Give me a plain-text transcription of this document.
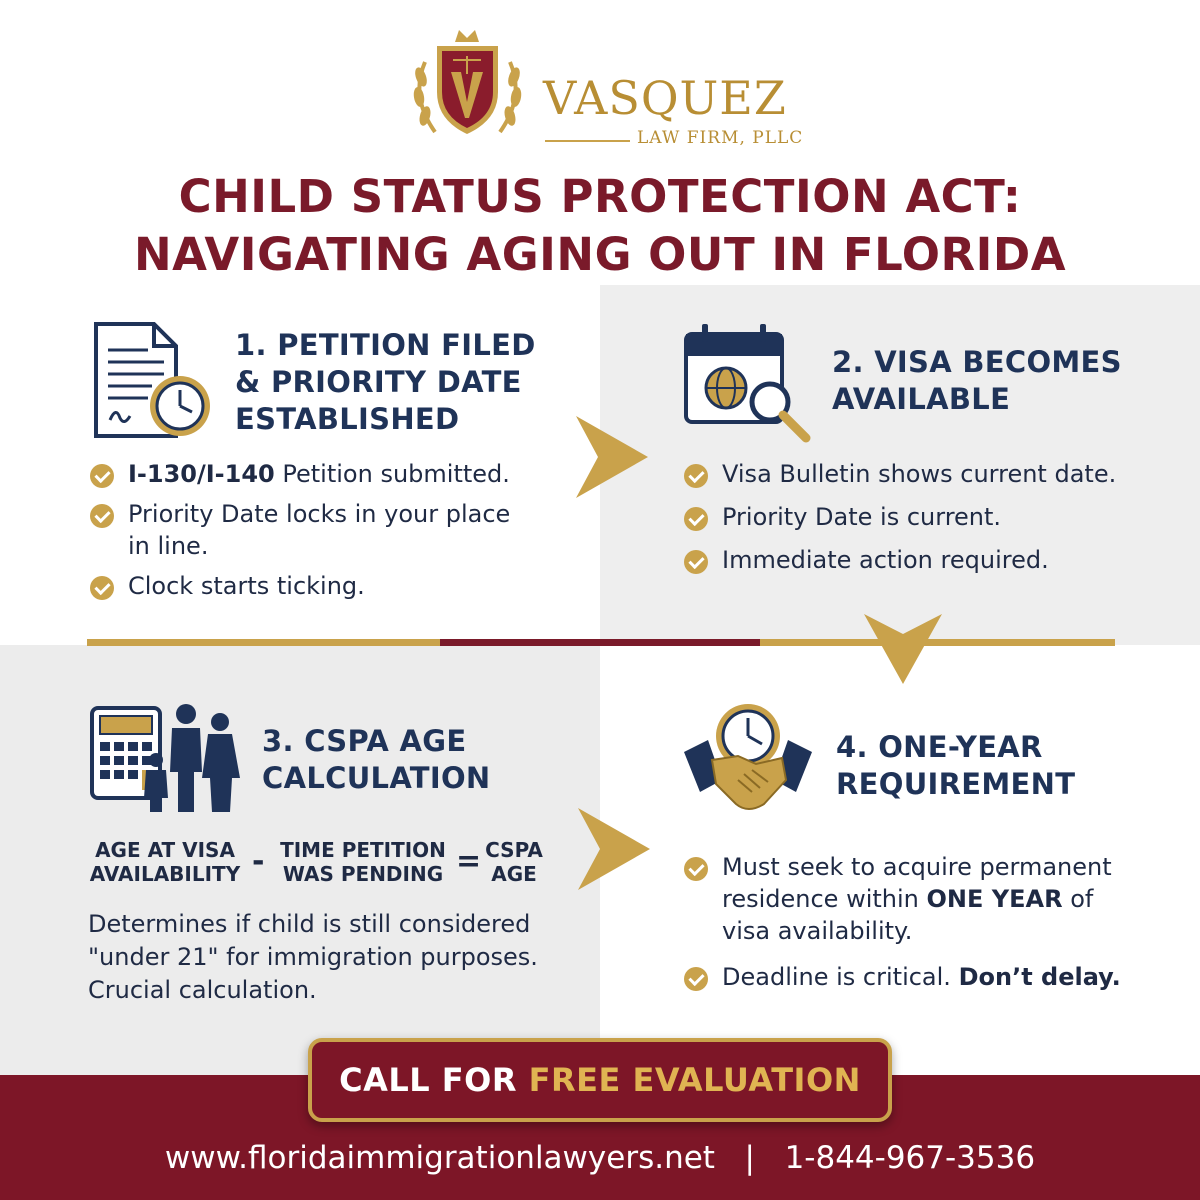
VASQUEZ
LAW FIRM, PLLC
CHILD STATUS PROTECTION ACT:
NAVIGATING AGING OUT IN FLORIDA
1. PETITION FILED
& PRIORITY DATE
ESTABLISHED
I-130/I-140 Petition submitted.
Priority Date locks in your place
in line.
Clock starts ticking.
2. VISA BECOMES
AVAILABLE
Visa Bulletin shows current date.
Priority Date is current.
Immediate action required.
3. CSPA AGE
CALCULATION
AGE AT VISA
AVAILABILITY - TIME PETITION
WAS PENDING = CSPA
AGE
Determines if child is still considered
"under 21" for immigration purposes.
Crucial calculation.
4. ONE-YEAR
REQUIREMENT
Must seek to acquire permanent
residence within ONE YEAR of
visa availability.
Deadline is critical. Don’t delay.
CALL FOR FREE EVALUATION
www.floridaimmigrationlawyers.net | 1-844-967-3536
